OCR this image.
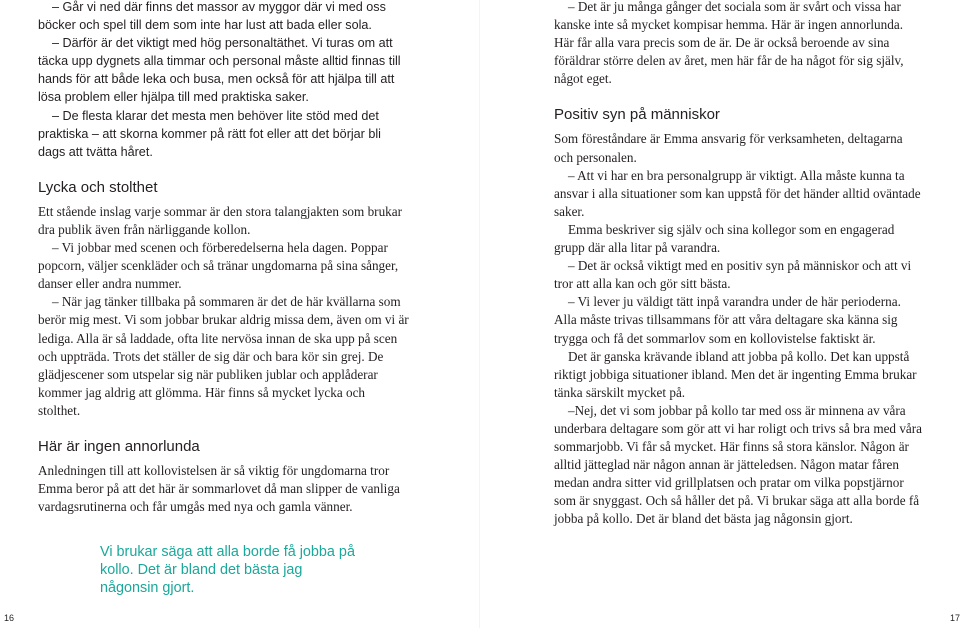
– Går vi ned där finns det massor av myggor där vi med oss böcker och spel till dem som inte har lust att bada eller sola.

– Därför är det viktigt med hög personaltäthet. Vi turas om att täcka upp dygnets alla timmar och personal måste alltid finnas till hands för att både leka och busa, men också för att hjälpa till att lösa problem eller hjälpa till med praktiska saker.

– De flesta klarar det mesta men behöver lite stöd med det praktiska – att skorna kommer på rätt fot eller att det börjar bli dags att tvätta håret.

Lycka och stolthet

Ett stående inslag varje sommar är den stora talangjakten som brukar dra publik även från närliggande kollon.

– Vi jobbar med scenen och förberedelserna hela dagen. Poppar popcorn, väljer scenkläder och så tränar ungdomarna på sina sånger, danser eller andra nummer.

– När jag tänker tillbaka på sommaren är det de här kvällarna som berör mig mest. Vi som jobbar brukar aldrig missa dem, även om vi är lediga. Alla är så laddade, ofta lite nervösa innan de ska upp på scen och uppträda. Trots det ställer de sig där och bara kör sin grej. De glädjescener som utspelar sig när publiken jublar och applåderar kommer jag aldrig att glömma. Här finns så mycket lycka och stolthet.

Här är ingen annorlunda

Anledningen till att kollovistelsen är så viktig för ungdomarna tror Emma beror på att det här är sommarlovet då man slipper de vanliga vardagsrutinerna och får umgås med nya och gamla vänner.

Vi brukar säga att alla borde få jobba på kollo. Det är bland det bästa jag någonsin gjort.
16

– Det är ju många gånger det sociala som är svårt och vissa har kanske inte så mycket kompisar hemma. Här är ingen annorlunda. Här får alla vara precis som de är. De är också beroende av sina föräldrar större delen av året, men här får de ha något för sig själv, något eget.

Positiv syn på människor

Som föreståndare är Emma ansvarig för verksamheten, deltagarna och personalen.

– Att vi har en bra personalgrupp är viktigt. Alla måste kunna ta ansvar i alla situationer som kan uppstå för det händer alltid oväntade saker.

Emma beskriver sig själv och sina kollegor som en engagerad grupp där alla litar på varandra.

– Det är också viktigt med en positiv syn på människor och att vi tror att alla kan och gör sitt bästa.

– Vi lever ju väldigt tätt inpå varandra under de här perioderna. Alla måste trivas tillsammans för att våra deltagare ska känna sig trygga och få det sommarlov som en kollovistelse faktiskt är.

Det är ganska krävande ibland att jobba på kollo. Det kan uppstå riktigt jobbiga situationer ibland. Men det är ingenting Emma brukar tänka särskilt mycket på.

–Nej, det vi som jobbar på kollo tar med oss är minnena av våra underbara deltagare som gör att vi har roligt och trivs så bra med våra sommarjobb. Vi får så mycket. Här finns så stora känslor. Någon är alltid jätteglad när någon annan är jätteledsen. Någon matar fåren medan andra sitter vid grillplatsen och pratar om vilka popstjärnor som är snyggast. Och så håller det på. Vi brukar säga att alla borde få jobba på kollo. Det är bland det bästa jag någonsin gjort.

17
